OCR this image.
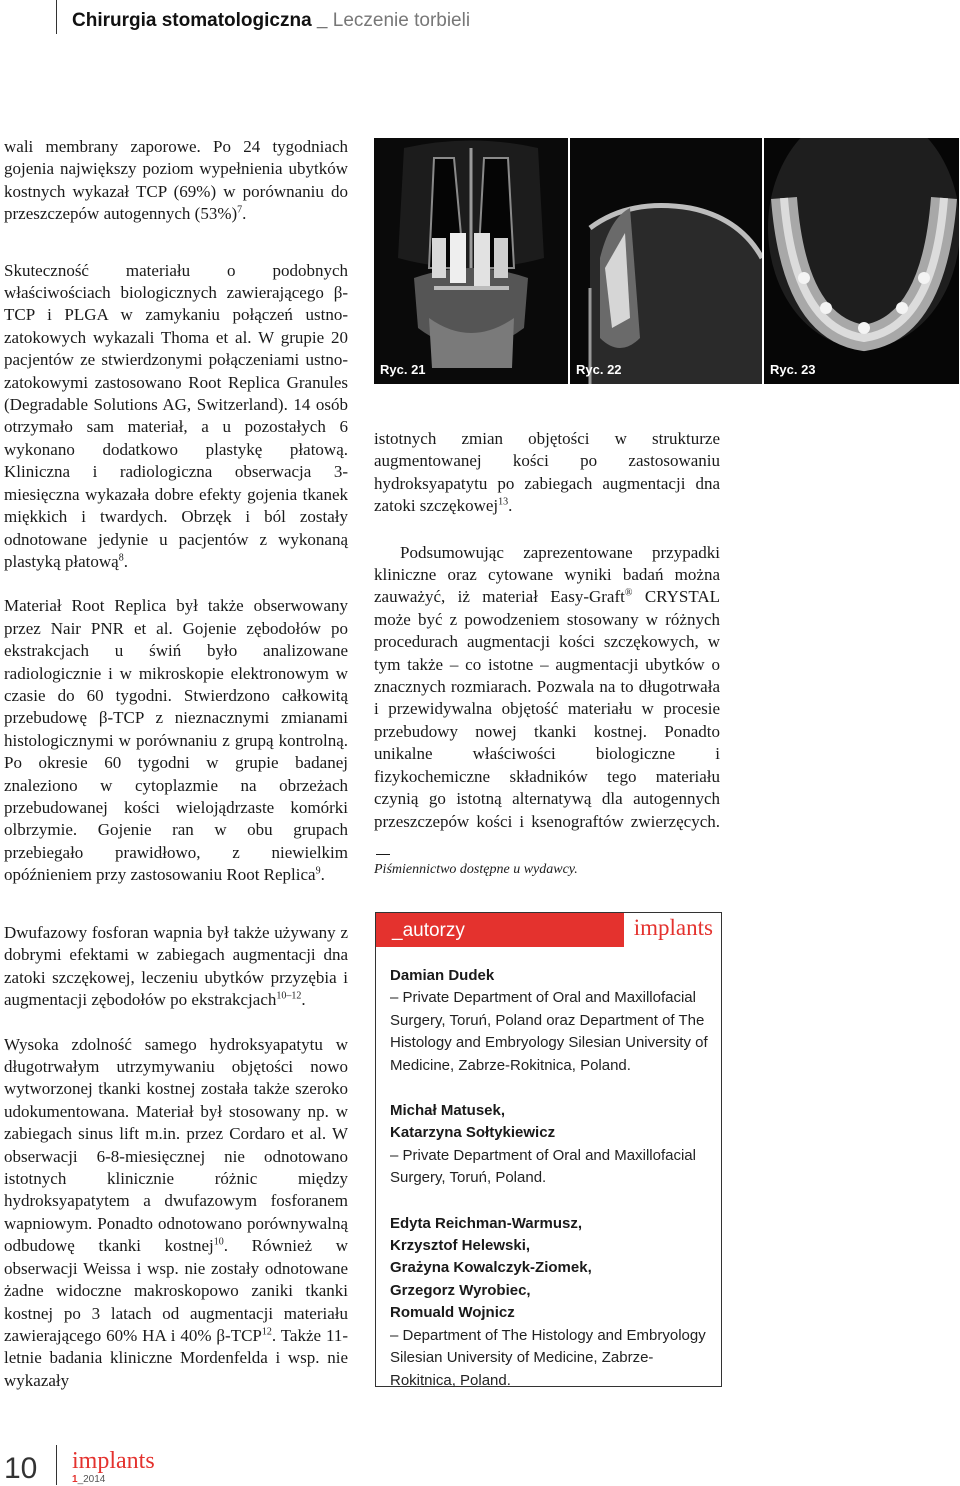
Chirurgia stomatologiczna _ Leczenie torbieli

wali membrany zaporowe. Po 24 tygodniach gojenia największy poziom wypełnienia ubytków kostnych wykazał TCP (69%) w porównaniu do przeszczepów autogennych $(53\%)^7$.

Skuteczność materiału o podobnych właściwościach biologicznych zawierającego β-TCP i PLGA w zamykaniu połączeń ustno-zatokowych wykazali Thoma et al. W grupie 20 pacjentów ze stwierdzonymi połączeniami ustno-zatokowymi zastosowano Root Replica Granules (Degradable Solutions AG, Switzerland). 14 osób otrzymało sam materiał, a u pozostałych 6 wykonano dodatkowo plastykę płatową. Kliniczna i radiologiczna obserwacja 3-miesięczna wykazała dobre efekty gojenia tkanek miękkich i twardych. Obrzęk i ból zostały odnotowane jedynie u pacjentów z wykonaną plastyką płatową$^8$.

Materiał Root Replica był także obserwowany przez Nair PNR et al. Gojenie zębodołów po ekstrakcjach u świń było analizowane radiologicznie i w mikroskopie elektronowym w czasie do 60 tygodni. Stwierdzono całkowitą przebudowę β-TCP z nieznacznymi zmianami histologicznymi w porównaniu z grupą kontrolną. Po okresie 60 tygodni w grupie badanej znaleziono w cytoplazmie na obrzeżach przebudowanej kości wielojądrzaste komórki olbrzymie. Gojenie ran w obu grupach przebiegało prawidłowo, z niewielkim opóźnieniem przy zastosowaniu Root Replica$^9$.

Dwufazowy fosforan wapnia był także używany z dobrymi efektami w zabiegach augmentacji dna zatoki szczękowej, leczeniu ubytków przyzębia i augmentacji zębodołów po ekstrakcjach$^{10-12}$.

Wysoka zdolność samego hydroksyapatytu w długotrwałym utrzymywaniu objętości nowo wytworzonej tkanki kostnej została także szeroko udokumentowana. Materiał był stosowany np. w zabiegach sinus lift m.in. przez Cordaro et al. W obserwacji 6-8-miesięcznej nie odnotowano istotnych klinicznie różnic między hydroksyapatytem a dwufazowym fosforanem wapniowym. Ponadto odnotowano porównywalną odbudowę tkanki kostnej$^{10}$. Również w obserwacji Weissa i wsp. nie zostały odnotowane żadne widoczne makroskopowo zaniki tkanki kostnej po 3 latach od augmentacji materiału zawierającego 60% HA i 40% β-TCP$^{12}$. Także 11-letnie badania kliniczne Mordenfelda i wsp. nie wykazały

Ryc. 21	Ryc. 22	Ryc. 23

istotnych zmian objętości w strukturze augmentowanej kości po zastosowaniu hydroksyapatytu po zabiegach augmentacji dna zatoki szczękowej$^{13}$.

Podsumowując zaprezentowane przypadki kliniczne oraz cytowane wyniki badań można zauważyć, iż materiał Easy-Graft® CRYSTAL może być z powodzeniem stosowany w różnych procedurach augmentacji kości szczękowych, w tym także – co istotne – augmentacji ubytków o znacznych rozmiarach. Pozwala na to długotrwała i przewidywalna objętość materiału w procesie przebudowy nowej tkanki kostnej. Ponadto unikalne właściwości biologiczne i fizykochemiczne składników tego materiału czynią go istotną alternatywą dla autogennych przeszczepów kości i ksenograftów zwierzęcych.

Piśmiennictwo dostępne u wydawcy.

_autorzy	implants
Damian Dudek
– Private Department of Oral and Maxillofacial Surgery, Toruń, Poland oraz Department of The Histology and Embryology Silesian University of Medicine, Zabrze-Rokitnica, Poland.
Michał Matusek,
Katarzyna Sołtykiewicz
– Private Department of Oral and Maxillofacial Surgery, Toruń, Poland.
Edyta Reichman-Warmusz,
Krzysztof Helewski,
Grażyna Kowalczyk-Ziomek,
Grzegorz Wyrobiec,
Romuald Wojnicz
– Department of The Histology and Embryology Silesian University of Medicine, Zabrze-Rokitnica, Poland.
10 implants
1_2014
